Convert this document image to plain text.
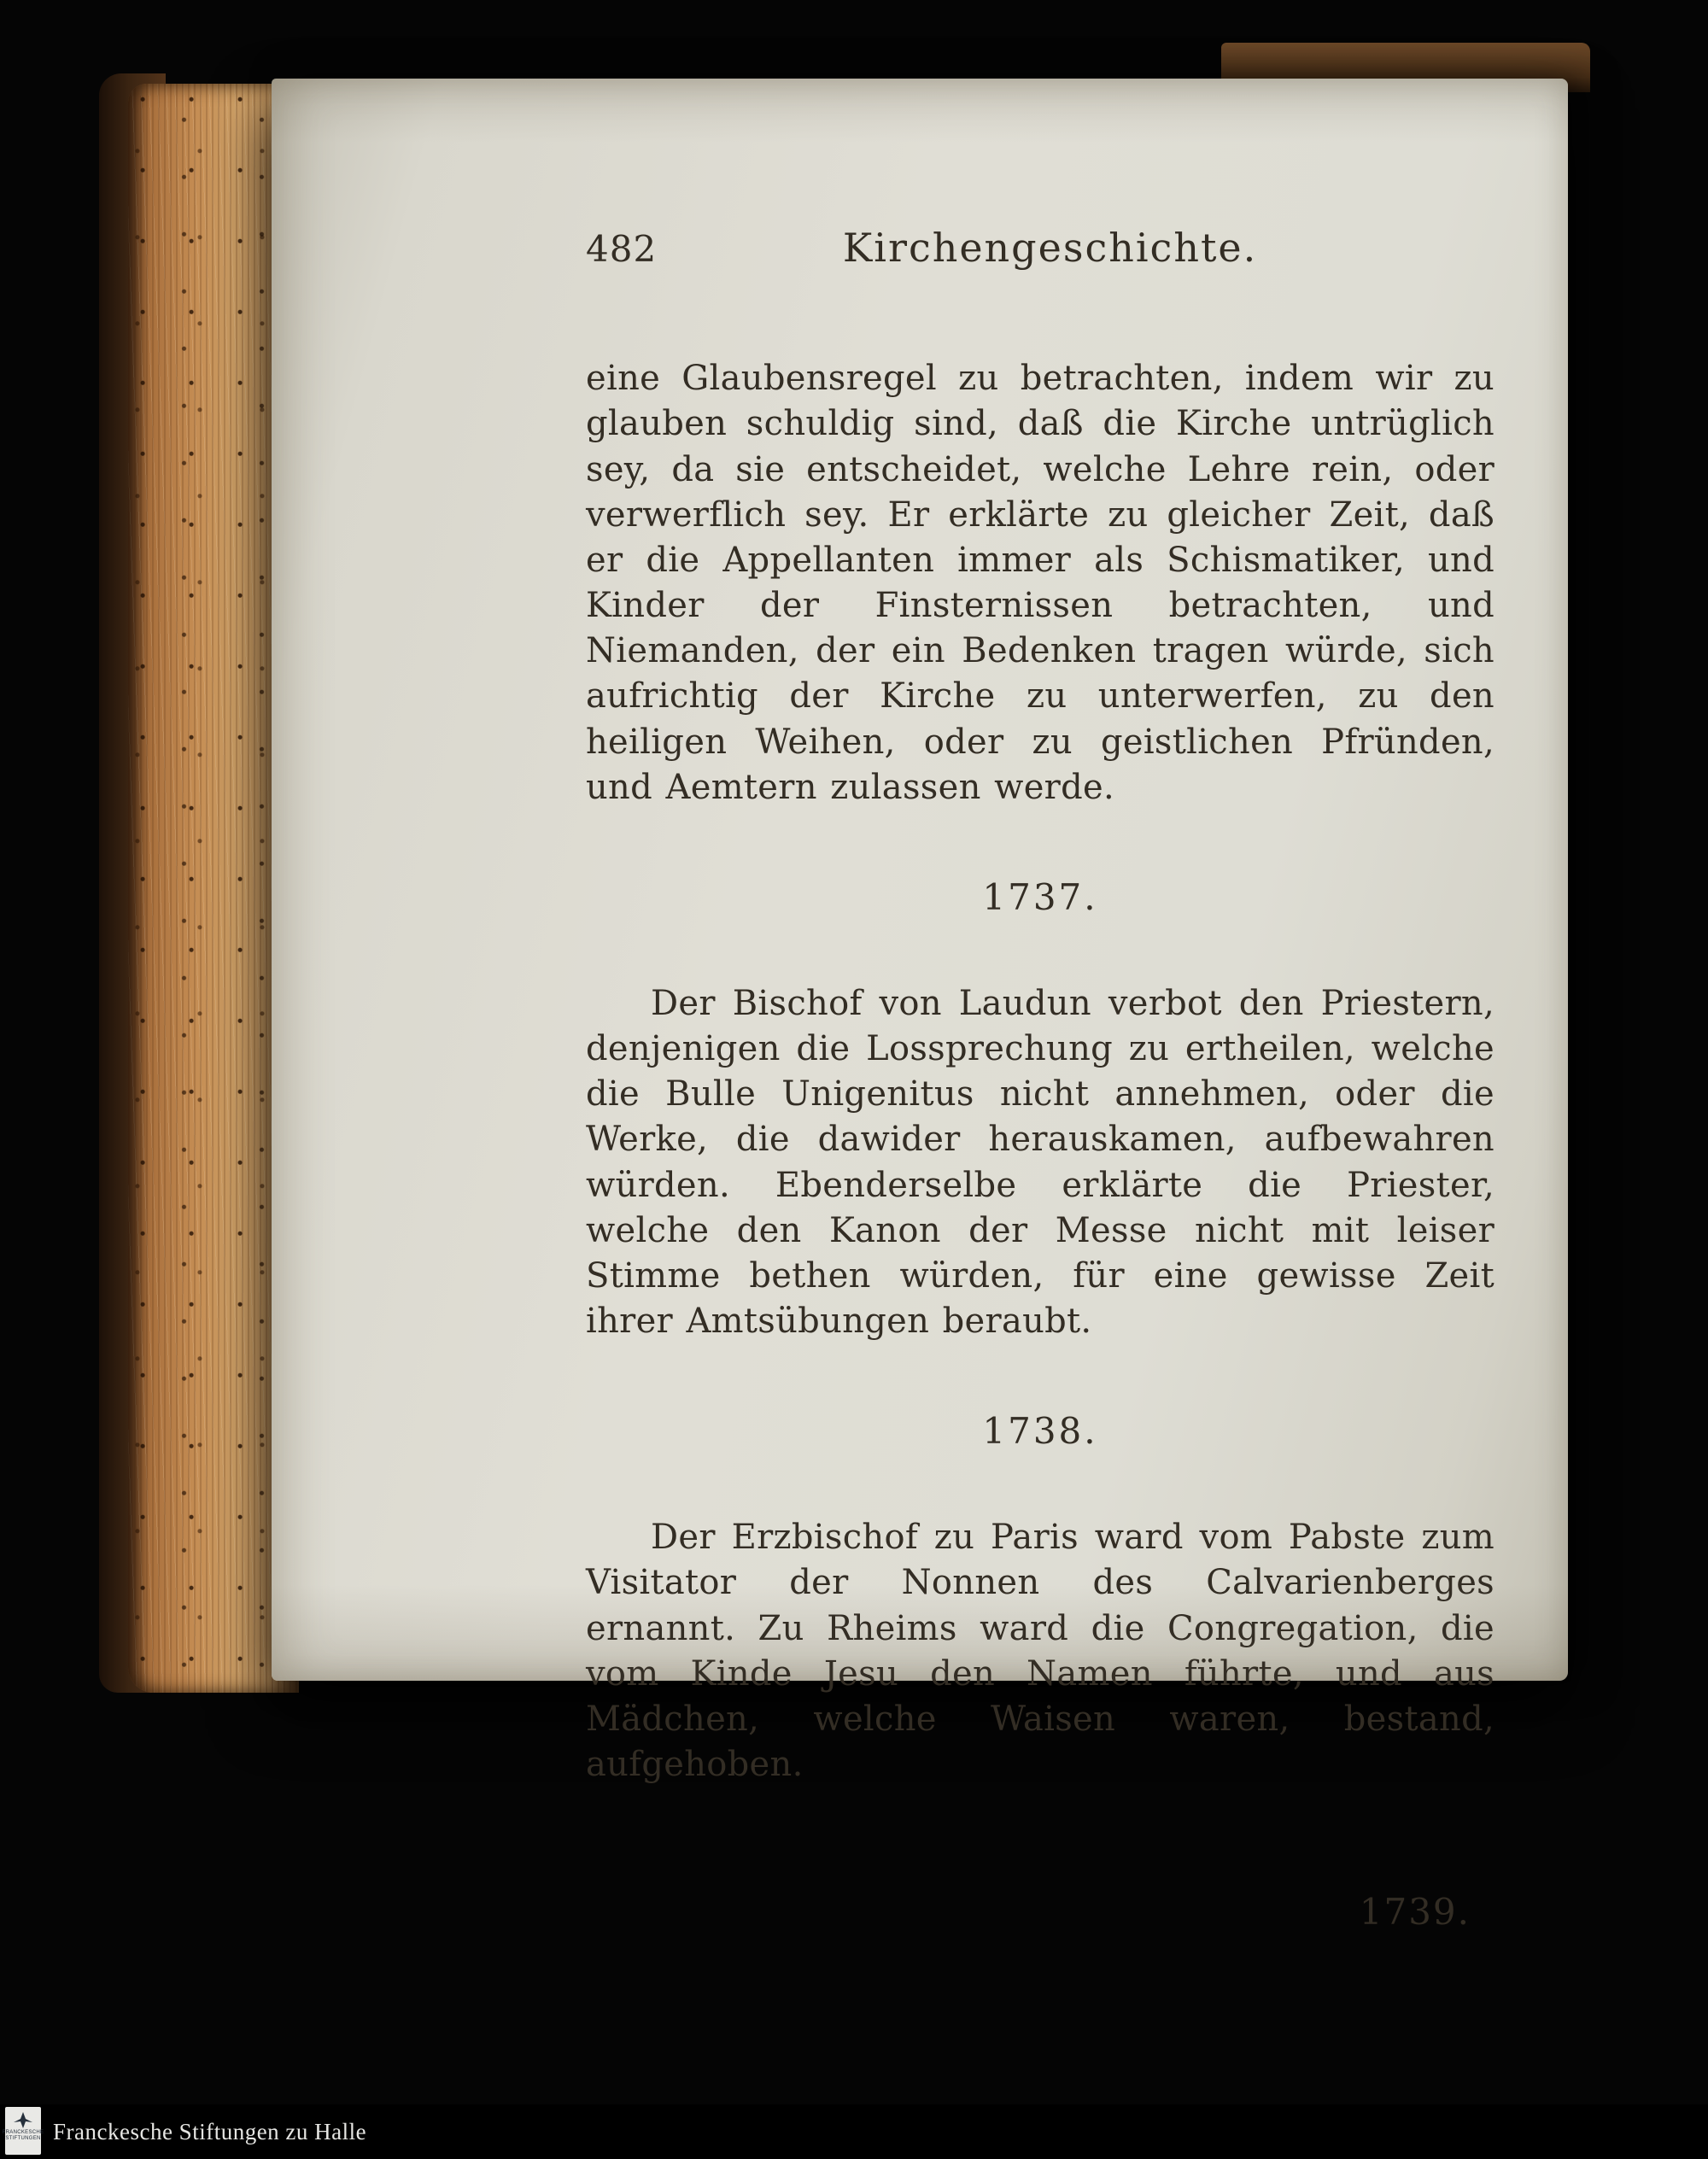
482	Kirchengeschichte.

eine Glaubensregel zu betrachten, indem wir zu glauben schuldig sind, daß die Kirche untrüglich sey, da sie entscheidet, welche Lehre rein, oder verwerflich sey. Er erklärte zu gleicher Zeit, daß er die Appellanten immer als Schismatiker, und Kinder der Finsternissen betrachten, und Niemanden, der ein Bedenken tragen würde, sich aufrichtig der Kirche zu unterwerfen, zu den heiligen Weihen, oder zu geistlichen Pfründen, und Aemtern zulassen werde.

1737.

Der Bischof von Laudun verbot den Priestern, denjenigen die Lossprechung zu ertheilen, welche die Bulle Unigenitus nicht annehmen, oder die Werke, die dawider herauskamen, aufbewahren würden. Ebenderselbe erklärte die Priester, welche den Kanon der Messe nicht mit leiser Stimme bethen würden, für eine gewisse Zeit ihrer Amtsübungen beraubt.

1738.

Der Erzbischof zu Paris ward vom Pabste zum Visitator der Nonnen des Calvarienberges ernannt. Zu Rheims ward die Congregation, die vom Kinde Jesu den Namen führte, und aus Mädchen, welche Waisen waren, bestand, aufgehoben.

1739.
FRANCKESCHE
STIFTUNGEN Franckesche Stiftungen zu Halle
